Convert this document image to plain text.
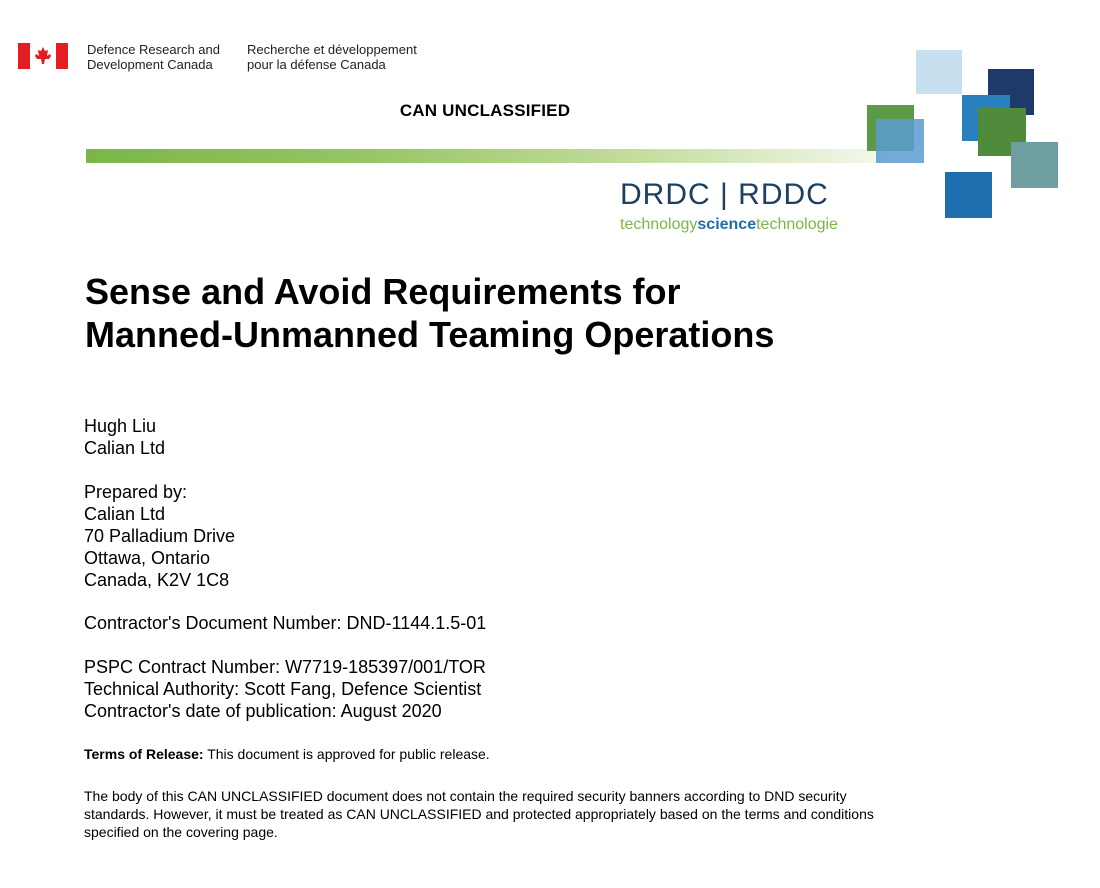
Defence Research and
Development Canada
Recherche et développement
pour la défense Canada
CAN UNCLASSIFIED
DRDC | RDDC
technologysciencetechnologie
Sense and Avoid Requirements for
Manned-Unmanned Teaming Operations
Hugh Liu
Calian Ltd
Prepared by:
Calian Ltd
70 Palladium Drive
Ottawa, Ontario
Canada, K2V 1C8
Contractor's Document Number: DND-1144.1.5-01
PSPC Contract Number: W7719-185397/001/TOR
Technical Authority: Scott Fang, Defence Scientist
Contractor's date of publication: August 2020
Terms of Release: This document is approved for public release.
The body of this CAN UNCLASSIFIED document does not contain the required security banners according to DND security
standards. However, it must be treated as CAN UNCLASSIFIED and protected appropriately based on the terms and conditions
specified on the covering page.
